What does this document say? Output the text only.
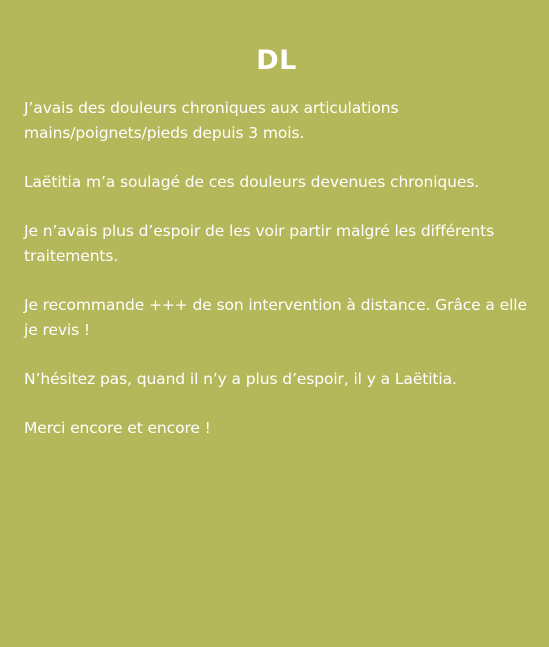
DL

J’avais des douleurs chroniques aux articulations mains/poignets/pieds depuis 3 mois.

Laëtitia m’a soulagé de ces douleurs devenues chroniques.

Je n’avais plus d’espoir de les voir partir malgré les différents traitements.

Je recommande +++ de son intervention à distance. Grâce a elle je revis !

N’hésitez pas, quand il n’y a plus d’espoir, il y a Laëtitia.

Merci encore et encore !
